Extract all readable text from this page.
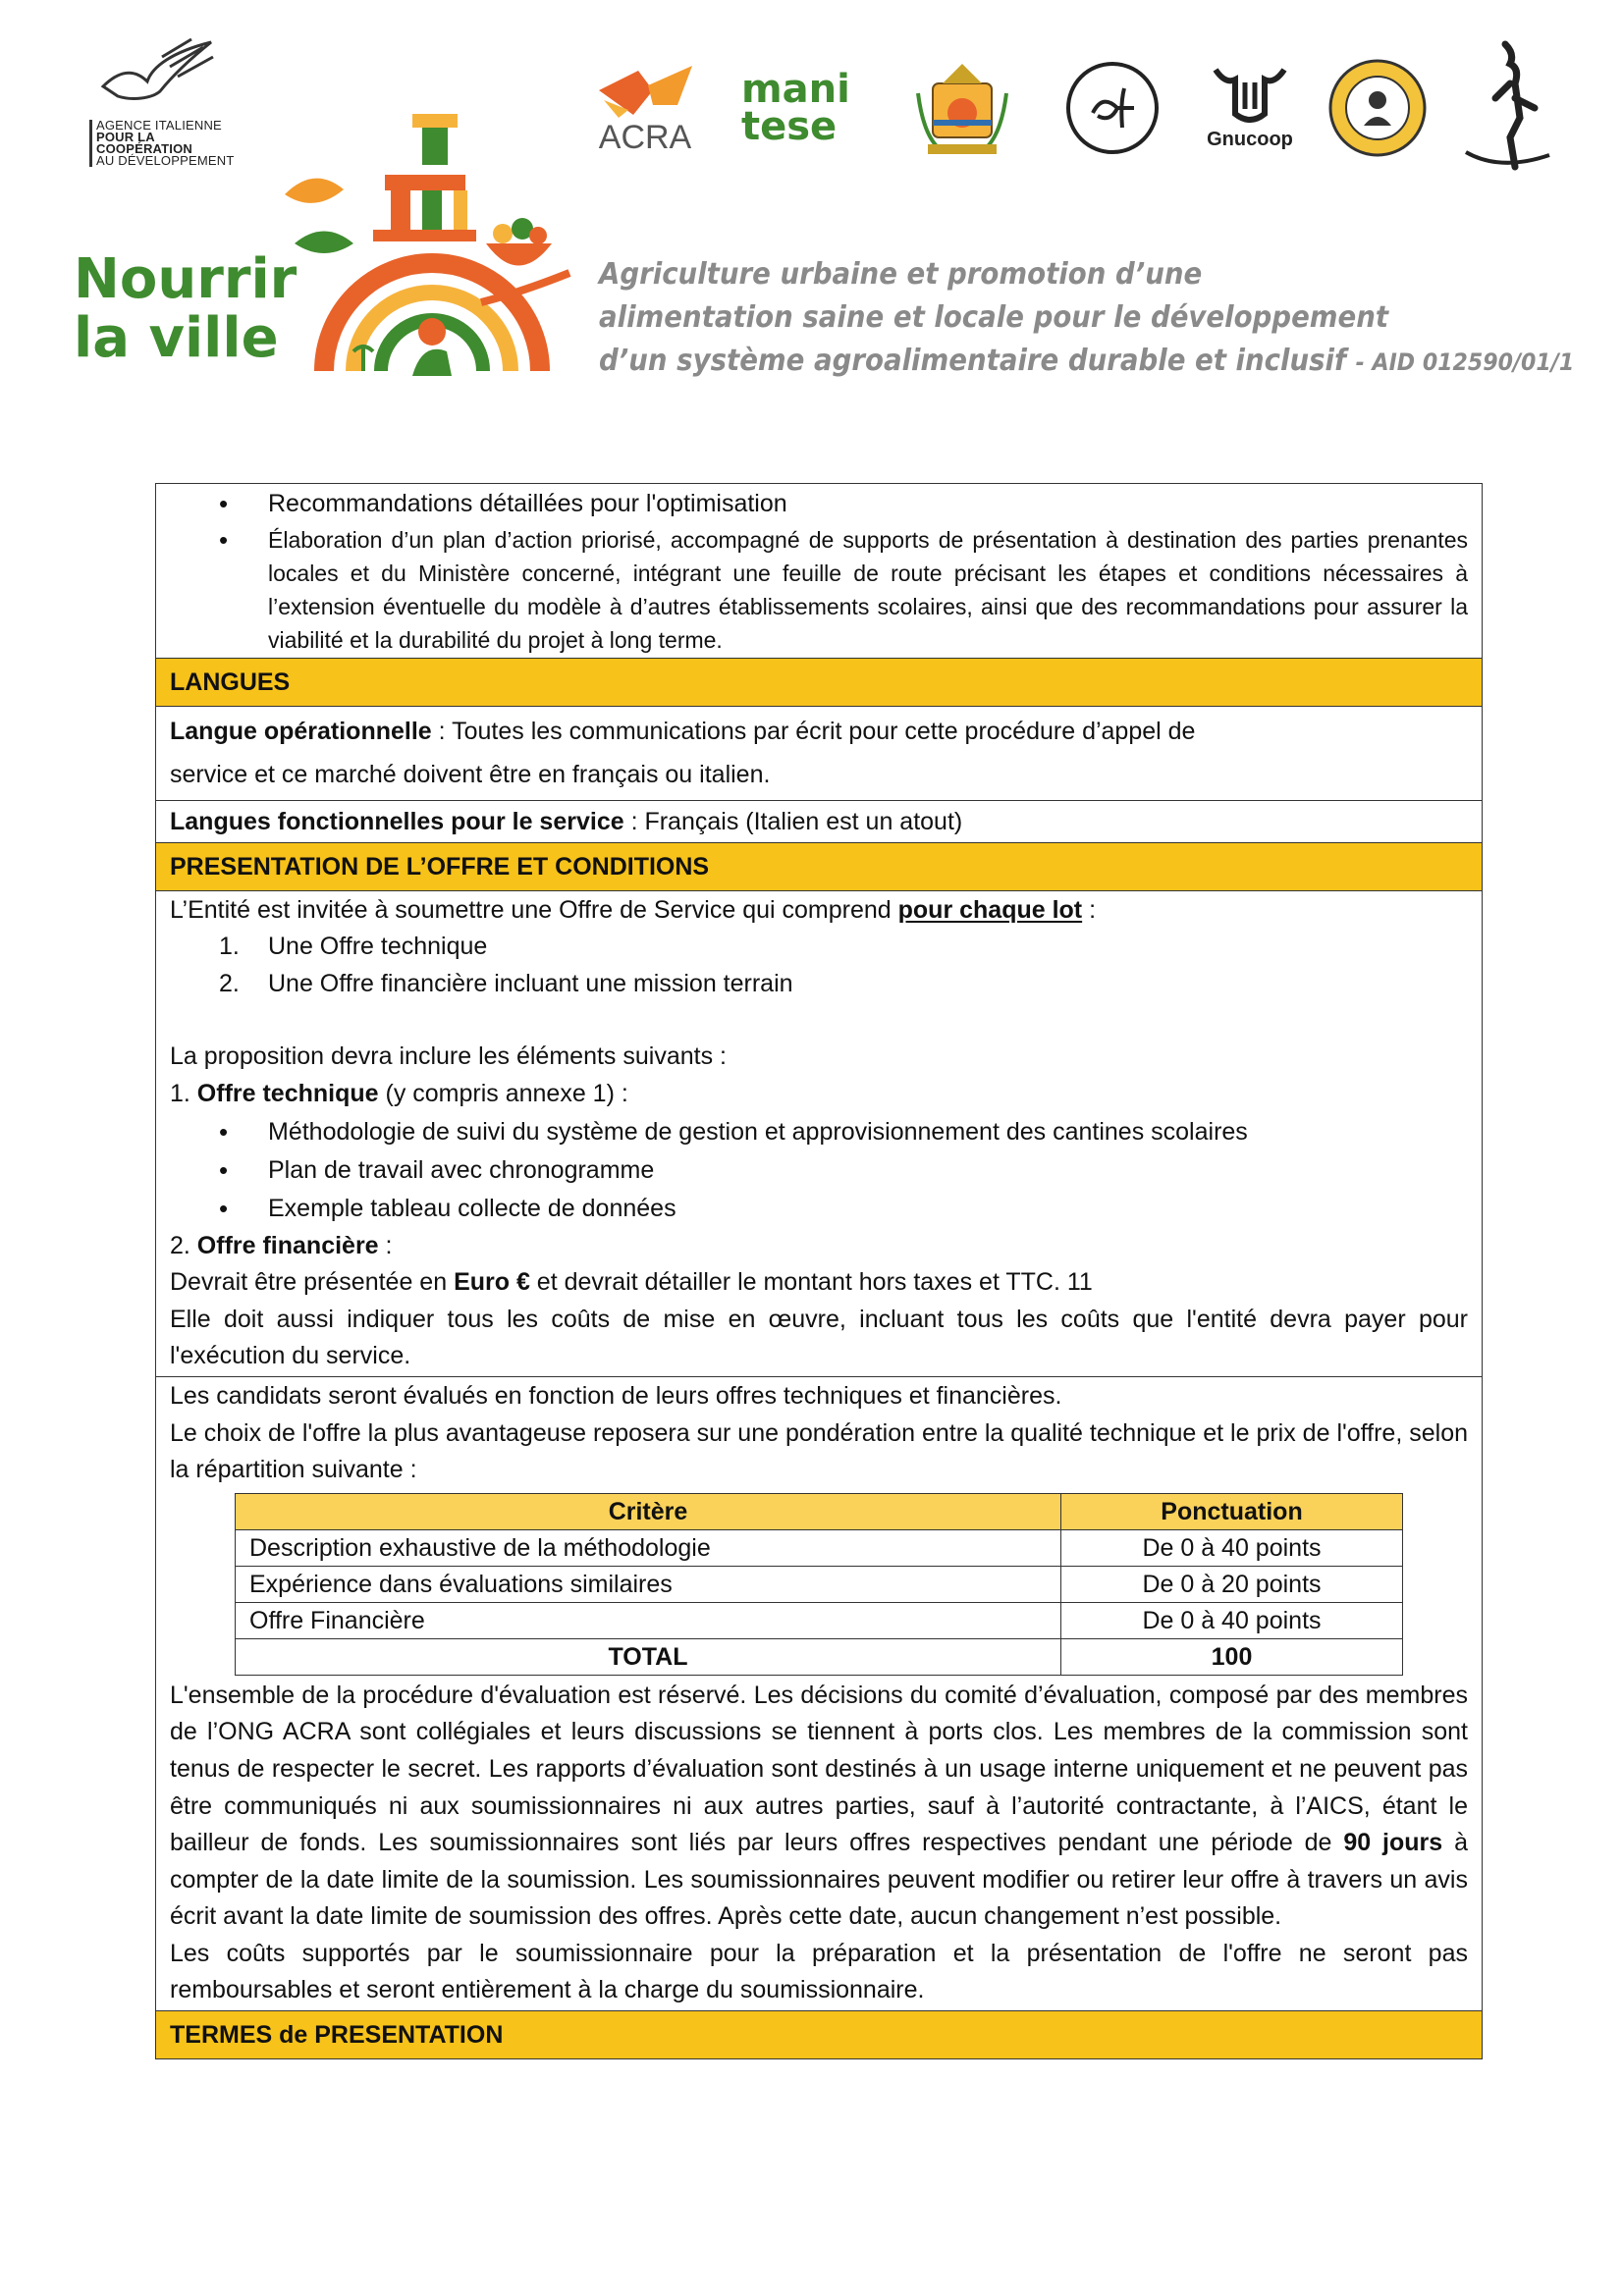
AGENCE ITALIENNE
POUR LA COOPÉRATION
AU DÉVELOPPEMENT
ACRA
mani
tese	Gnucoop
Nourrir
la ville
Agriculture urbaine et promotion d’une
alimentation saine et locale pour le développement
d’un système agroalimentaire durable et inclusif - AID 012590/01/1
• Recommandations détaillées pour l'optimisation
• Élaboration d’un plan d’action priorisé, accompagné de supports de présentation à destination des parties prenantes locales et du Ministère concerné, intégrant une feuille de route précisant les étapes et conditions nécessaires à l’extension éventuelle du modèle à d’autres établissements scolaires, ainsi que des recommandations pour assurer la viabilité et la durabilité du projet à long terme.
LANGUES
Langue opérationnelle : Toutes les communications par écrit pour cette procédure d’appel de
service et ce marché doivent être en français ou italien.
Langues fonctionnelles pour le service : Français (Italien est un atout)
PRESENTATION DE L’OFFRE ET CONDITIONS
L’Entité est invitée à soumettre une Offre de Service qui comprend pour chaque lot :
1. Une Offre technique
2. Une Offre financière incluant une mission terrain
La proposition devra inclure les éléments suivants :
1. Offre technique (y compris annexe 1) :
• Méthodologie de suivi du système de gestion et approvisionnement des cantines scolaires
• Plan de travail avec chronogramme
• Exemple tableau collecte de données
2. Offre financière :
Devrait être présentée en Euro € et devrait détailler le montant hors taxes et TTC. 11
Elle doit aussi indiquer tous les coûts de mise en œuvre, incluant tous les coûts que l'entité devra payer pour l'exécution du service.
Les candidats seront évalués en fonction de leurs offres techniques et financières.
Le choix de l'offre la plus avantageuse reposera sur une pondération entre la qualité technique et le prix de l'offre, selon la répartition suivante :
Critère	Ponctuation
Description exhaustive de la méthodologie	De 0 à 40 points
Expérience dans évaluations similaires	De 0 à 20 points
Offre Financière	De 0 à 40 points
TOTAL	100
L'ensemble de la procédure d'évaluation est réservé. Les décisions du comité d’évaluation, composé par des membres de l’ONG ACRA sont collégiales et leurs discussions se tiennent à ports clos. Les membres de la commission sont tenus de respecter le secret. Les rapports d’évaluation sont destinés à un usage interne uniquement et ne peuvent pas être communiqués ni aux soumissionnaires ni aux autres parties, sauf à l’autorité contractante, à l’AICS, étant le bailleur de fonds. Les soumissionnaires sont liés par leurs offres respectives pendant une période de 90 jours à compter de la date limite de la soumission. Les soumissionnaires peuvent modifier ou retirer leur offre à travers un avis écrit avant la date limite de soumission des offres. Après cette date, aucun changement n’est possible.
Les coûts supportés par le soumissionnaire pour la préparation et la présentation de l'offre ne seront pas remboursables et seront entièrement à la charge du soumissionnaire.
TERMES de PRESENTATION
